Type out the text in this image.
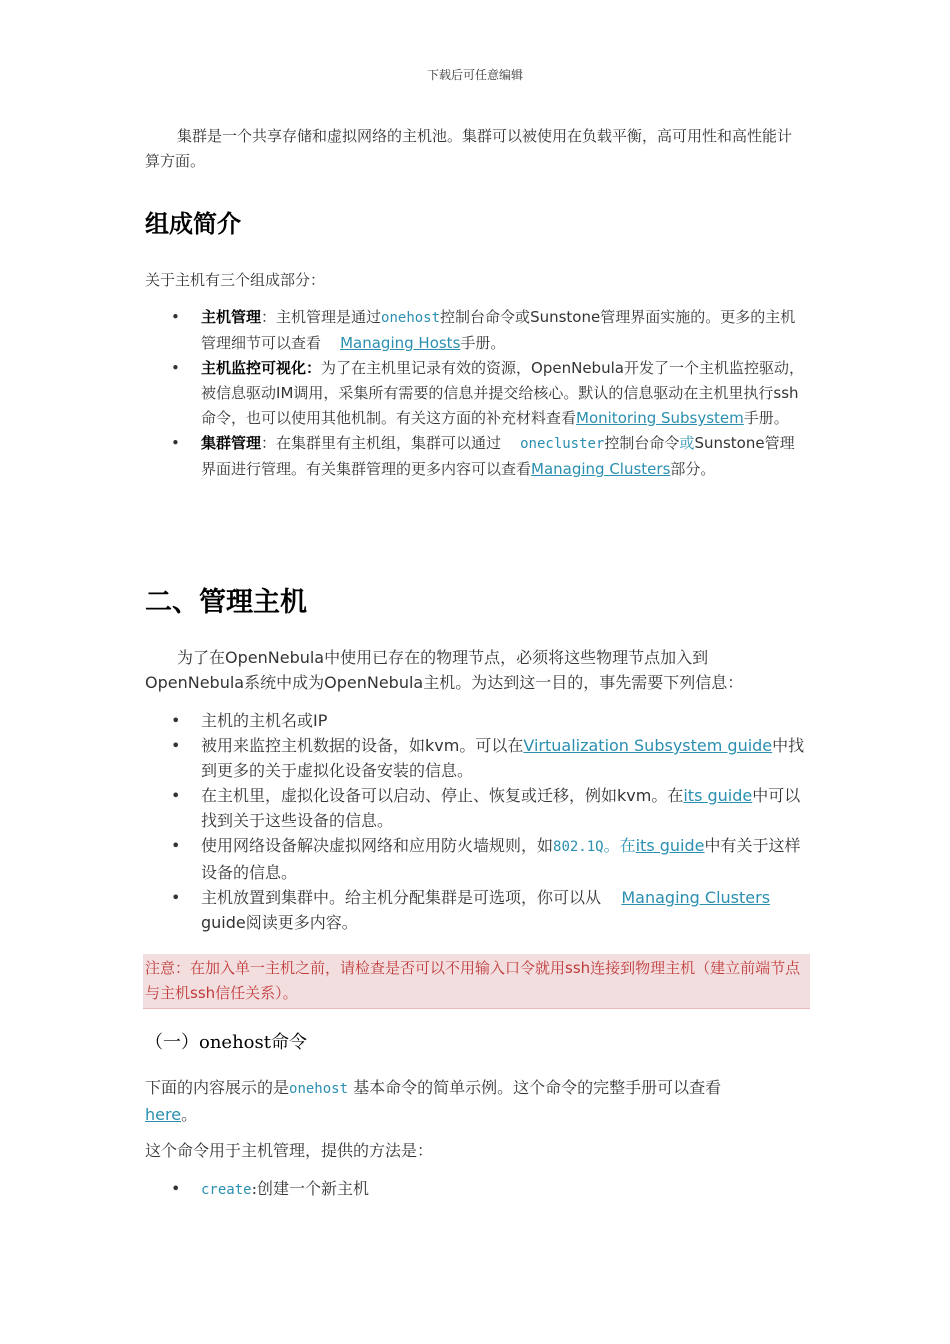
下载后可任意编辑

集群是一个共享存储和虚拟网络的主机池。集群可以被使用在负载平衡，高可用性和高性能计算方面。

组成简介

关于主机有三个组成部分：

• 主机管理：主机管理是通过onehost控制台命令或Sunstone管理界面实施的。更多的主机管理细节可以查看 Managing Hosts手册。
• 主机监控可视化：为了在主机里记录有效的资源，OpenNebula开发了一个主机监控驱动，被信息驱动IM调用，采集所有需要的信息并提交给核心。默认的信息驱动在主机里执行ssh命令，也可以使用其他机制。有关这方面的补充材料查看Monitoring Subsystem手册。
• 集群管理：在集群里有主机组，集群可以通过 onecluster控制台命令或Sunstone管理界面进行管理。有关集群管理的更多内容可以查看Managing Clusters部分。
二、管理主机

为了在OpenNebula中使用已存在的物理节点，必须将这些物理节点加入到OpenNebula系统中成为OpenNebula主机。为达到这一目的，事先需要下列信息：

• 主机的主机名或IP
• 被用来监控主机数据的设备，如kvm。可以在Virtualization Subsystem guide中找到更多的关于虚拟化设备安装的信息。
• 在主机里，虚拟化设备可以启动、停止、恢复或迁移，例如kvm。在its guide中可以找到关于这些设备的信息。
• 使用网络设备解决虚拟网络和应用防火墙规则，如802.1Q。在its guide中有关于这样设备的信息。
• 主机放置到集群中。给主机分配集群是可选项，你可以从 Managing Clusters guide阅读更多内容。
注意：在加入单一主机之前，请检查是否可以不用输入口令就用ssh连接到物理主机（建立前端节点与主机ssh信任关系）。
（一）onehost命令

下面的内容展示的是onehost 基本命令的简单示例。这个命令的完整手册可以查看
here。

这个命令用于主机管理，提供的方法是：

• create:创建一个新主机
